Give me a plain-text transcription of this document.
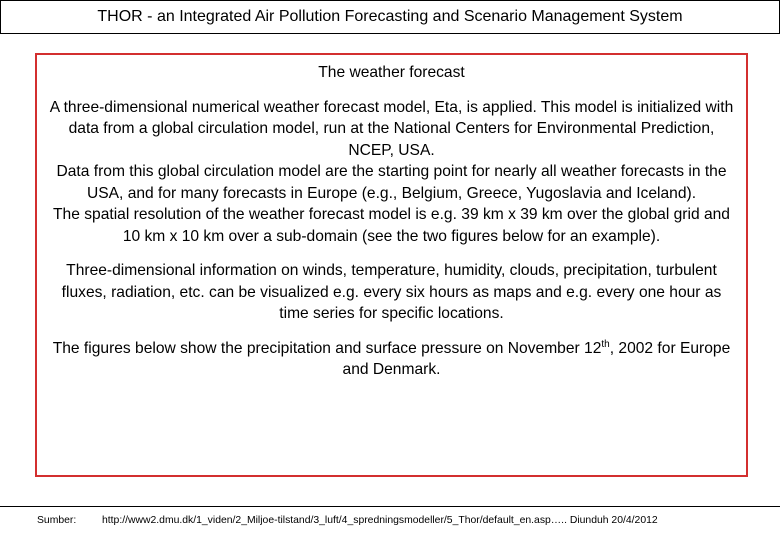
THOR - an Integrated Air Pollution Forecasting and Scenario Management System
The weather forecast
A three-dimensional numerical weather forecast model, Eta, is applied. This model is initialized with data from a global circulation model, run at the National Centers for Environmental Prediction, NCEP, USA.
Data from this global circulation model are the starting point for nearly all weather forecasts in the USA, and for many forecasts in Europe (e.g., Belgium, Greece, Yugoslavia and Iceland).
The spatial resolution of the weather forecast model is e.g. 39 km x 39 km over the global grid and 10 km x 10 km over a sub-domain (see the two figures below for an example).
Three-dimensional information on winds, temperature, humidity, clouds, precipitation, turbulent fluxes, radiation, etc. can be visualized e.g. every six hours as maps and e.g. every one hour as time series for specific locations.
The figures below show the precipitation and surface pressure on November 12th, 2002 for Europe and Denmark.
Sumber: http://www2.dmu.dk/1_viden/2_Miljoe-tilstand/3_luft/4_spredningsmodeller/5_Thor/default_en.asp….. Diunduh 20/4/2012
